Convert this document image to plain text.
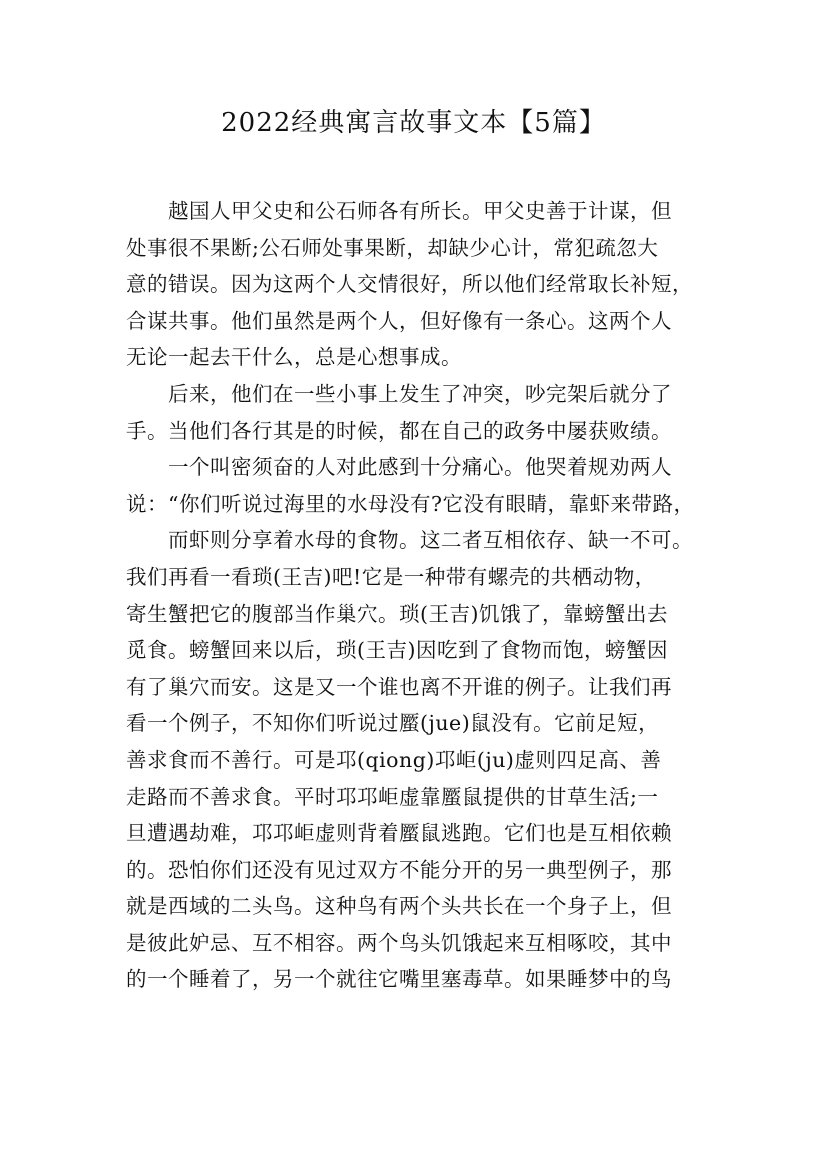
2022经典寓言故事文本【5篇】
越国人甲父史和公石师各有所长。甲父史善于计谋，但
处事很不果断;公石师处事果断，却缺少心计，常犯疏忽大
意的错误。因为这两个人交情很好，所以他们经常取长补短，
合谋共事。他们虽然是两个人，但好像有一条心。这两个人
无论一起去干什么，总是心想事成。
后来，他们在一些小事上发生了冲突，吵完架后就分了
手。当他们各行其是的时候，都在自己的政务中屡获败绩。
一个叫密须奋的人对此感到十分痛心。他哭着规劝两人
说：“你们听说过海里的水母没有?它没有眼睛，靠虾来带路，
而虾则分享着水母的食物。这二者互相依存、缺一不可。
我们再看一看琐(王吉)吧!它是一种带有螺壳的共栖动物，
寄生蟹把它的腹部当作巢穴。琐(王吉)饥饿了，靠螃蟹出去
觅食。螃蟹回来以后，琐(王吉)因吃到了食物而饱，螃蟹因
有了巢穴而安。这是又一个谁也离不开谁的例子。让我们再
看一个例子，不知你们听说过蟨(jue)鼠没有。它前足短，
善求食而不善行。可是邛(qiong)邛岠(ju)虚则四足高、善
走路而不善求食。平时邛邛岠虚靠蟨鼠提供的甘草生活;一
旦遭遇劫难，邛邛岠虚则背着蟨鼠逃跑。它们也是互相依赖
的。恐怕你们还没有见过双方不能分开的另一典型例子，那
就是西域的二头鸟。这种鸟有两个头共长在一个身子上，但
是彼此妒忌、互不相容。两个鸟头饥饿起来互相啄咬，其中
的一个睡着了，另一个就往它嘴里塞毒草。如果睡梦中的鸟
